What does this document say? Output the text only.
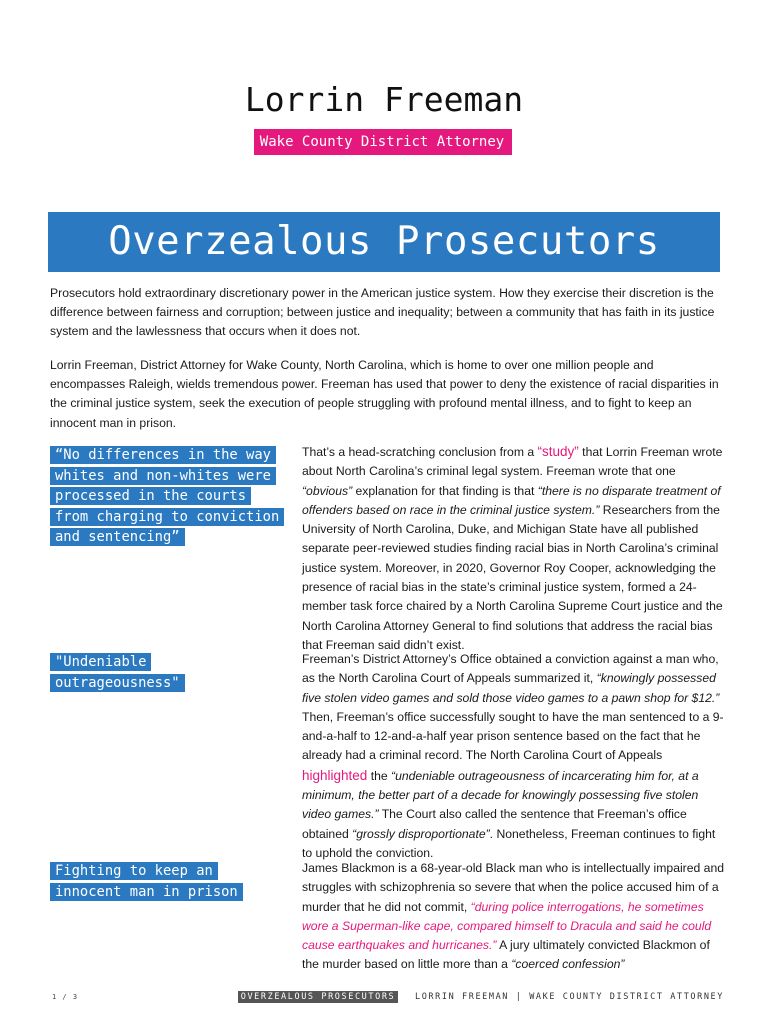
Lorrin Freeman
Wake County District Attorney
Overzealous Prosecutors

Prosecutors hold extraordinary discretionary power in the American justice system. How they exercise their discretion is the difference between fairness and corruption; between justice and inequality; between a community that has faith in its justice system and the lawlessness that occurs when it does not.

Lorrin Freeman, District Attorney for Wake County, North Carolina, which is home to over one million people and encompasses Raleigh, wields tremendous power. Freeman has used that power to deny the existence of racial disparities in the criminal justice system, seek the execution of people struggling with profound mental illness, and to fight to keep an innocent man in prison.

“No differences in the way whites and non-whites were processed in the courts from charging to conviction and sentencing”
"Undeniable outrageousness"
Fighting to keep an innocent man in prison

That’s a head-scratching conclusion from a “study” that Lorrin Freeman wrote about North Carolina’s criminal legal system. Freeman wrote that one “obvious” explanation for that finding is that “there is no disparate treatment of offenders based on race in the criminal justice system.” Researchers from the University of North Carolina, Duke, and Michigan State have all published separate peer-reviewed studies finding racial bias in North Carolina’s criminal justice system. Moreover, in 2020, Governor Roy Cooper, acknowledging the presence of racial bias in the state’s criminal justice system, formed a 24-member task force chaired by a North Carolina Supreme Court justice and the North Carolina Attorney General to find solutions that address the racial bias that Freeman said didn’t exist.

Freeman’s District Attorney’s Office obtained a conviction against a man who, as the North Carolina Court of Appeals summarized it, “knowingly possessed five stolen video games and sold those video games to a pawn shop for $12.” Then, Freeman’s office successfully sought to have the man sentenced to a 9-and-a-half to 12-and-a-half year prison sentence based on the fact that he already had a criminal record. The North Carolina Court of Appeals highlighted the “undeniable outrageousness of incarcerating him for, at a minimum, the better part of a decade for knowingly possessing five stolen video games.” The Court also called the sentence that Freeman’s office obtained “grossly disproportionate”. Nonetheless, Freeman continues to fight to uphold the conviction.

James Blackmon is a 68-year-old Black man who is intellectually impaired and struggles with schizophrenia so severe that when the police accused him of a murder that he did not commit, “during police interrogations, he sometimes wore a Superman-like cape, compared himself to Dracula and said he could cause earthquakes and hurricanes.” A jury ultimately convicted Blackmon of the murder based on little more than a “coerced confession”

1 / 3	OVERZEALOUS PROSECUTORS LORRIN FREEMAN | WAKE COUNTY DISTRICT ATTORNEY
